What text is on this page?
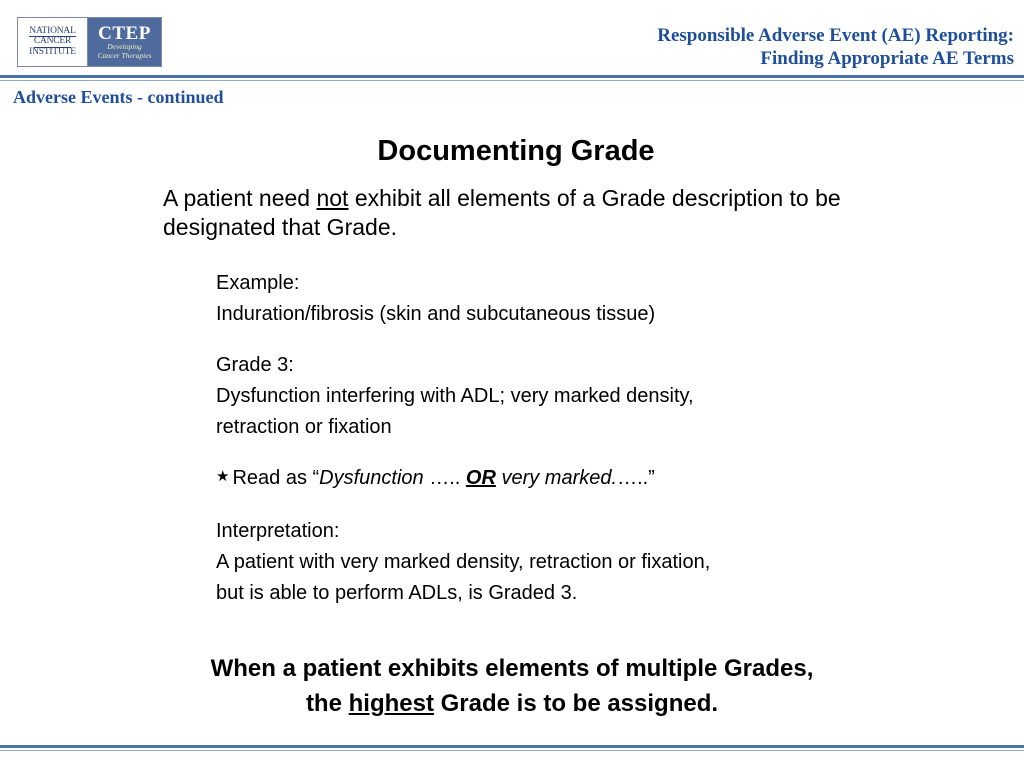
NATIONAL
CANCER
INSTITUTE
CTEP
Developing
Cancer Therapies
Responsible Adverse Event (AE) Reporting:
Finding Appropriate AE Terms
Adverse Events - continued
Documenting Grade
A patient need not exhibit all elements of a Grade description to be designated that Grade.
Example:
Induration/fibrosis (skin and subcutaneous tissue)
Grade 3:
Dysfunction interfering with ADL; very marked density,
retraction or fixation
★ Read as “Dysfunction ….. OR very marked.…..”
Interpretation:
A patient with very marked density, retraction or fixation,
but is able to perform ADLs, is Graded 3.
When a patient exhibits elements of multiple Grades,
the highest Grade is to be assigned.
